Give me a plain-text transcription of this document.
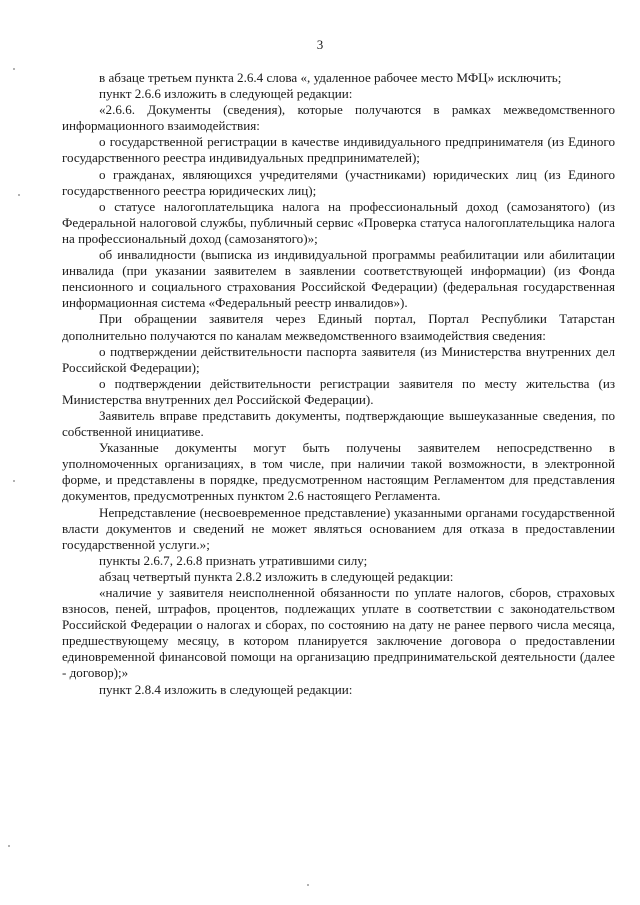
3

в абзаце третьем пункта 2.6.4 слова «, удаленное рабочее место МФЦ» исключить;

пункт 2.6.6 изложить в следующей редакции:

«2.6.6. Документы (сведения), которые получаются в рамках межведомственного информационного взаимодействия:

о государственной регистрации в качестве индивидуального предпринимателя (из Единого государственного реестра индивидуальных предпринимателей);

о гражданах, являющихся учредителями (участниками) юридических лиц (из Единого государственного реестра юридических лиц);

о статусе налогоплательщика налога на профессиональный доход (самозанятого) (из Федеральной налоговой службы, публичный сервис «Проверка статуса налогоплательщика налога на профессиональный доход (самозанятого)»;

об инвалидности (выписка из индивидуальной программы реабилитации или абилитации инвалида (при указании заявителем в заявлении соответствующей информации) (из Фонда пенсионного и социального страхования Российской Федерации) (федеральная государственная информационная система «Федеральный реестр инвалидов»).

При обращении заявителя через Единый портал, Портал Республики Татарстан дополнительно получаются по каналам межведомственного взаимодействия сведения:

о подтверждении действительности паспорта заявителя (из Министерства внутренних дел Российской Федерации);

о подтверждении действительности регистрации заявителя по месту жительства (из Министерства внутренних дел Российской Федерации).

Заявитель вправе представить документы, подтверждающие вышеуказанные сведения, по собственной инициативе.

Указанные документы могут быть получены заявителем непосредственно в уполномоченных организациях, в том числе, при наличии такой возможности, в электронной форме, и представлены в порядке, предусмотренном настоящим Регламентом для представления документов, предусмотренных пунктом 2.6 настоящего Регламента.

Непредставление (несвоевременное представление) указанными органами государственной власти документов и сведений не может являться основанием для отказа в предоставлении государственной услуги.»;

пункты 2.6.7, 2.6.8 признать утратившими силу;

абзац четвертый пункта 2.8.2 изложить в следующей редакции:

«наличие у заявителя неисполненной обязанности по уплате налогов, сборов, страховых взносов, пеней, штрафов, процентов, подлежащих уплате в соответствии с законодательством Российской Федерации о налогах и сборах, по состоянию на дату не ранее первого числа месяца, предшествующему месяцу, в котором планируется заключение договора о предоставлении единовременной финансовой помощи на организацию предпринимательской деятельности (далее - договор);»

пункт 2.8.4 изложить в следующей редакции:
